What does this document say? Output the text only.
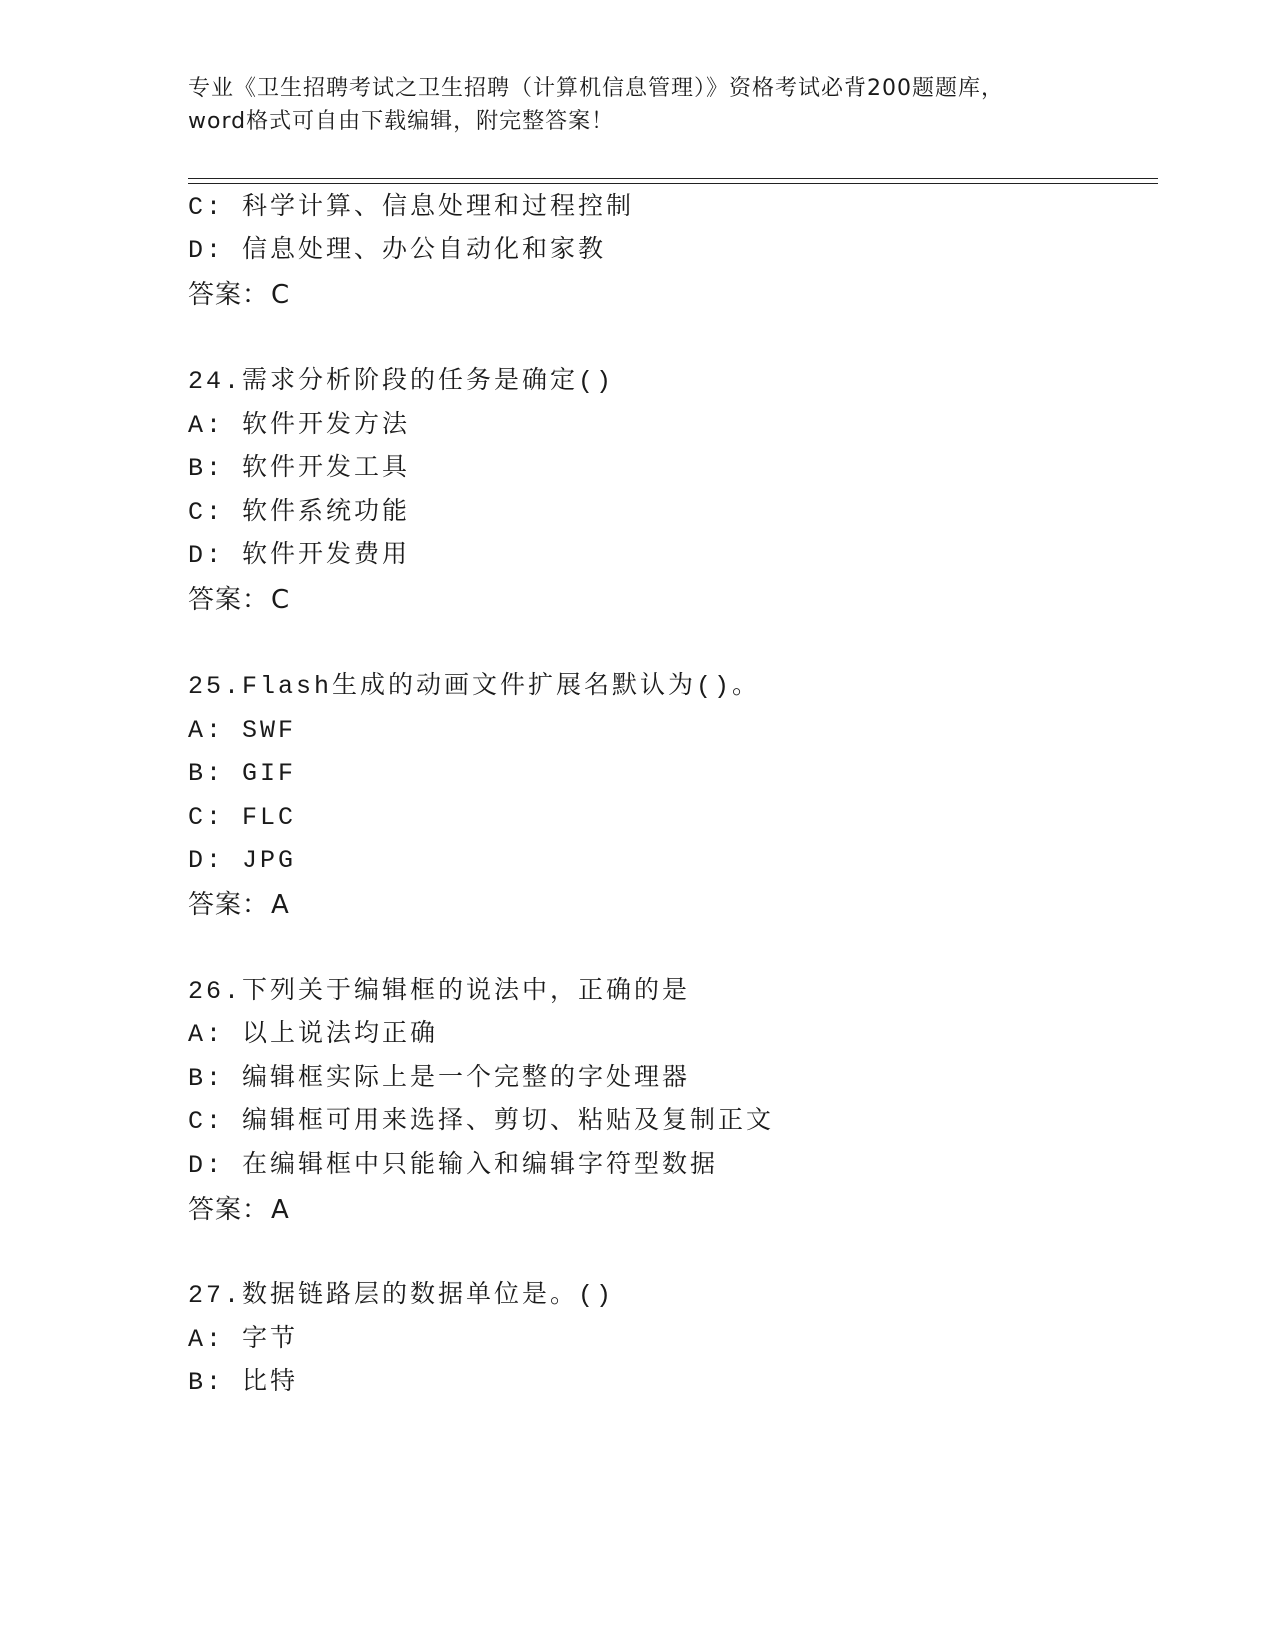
专业《卫生招聘考试之卫生招聘（计算机信息管理）》资格考试必背200题题库，
word格式可自由下载编辑，附完整答案！
C: 科学计算、信息处理和过程控制
D: 信息处理、办公自动化和家教
答案：C
24.需求分析阶段的任务是确定()
A: 软件开发方法
B: 软件开发工具
C: 软件系统功能
D: 软件开发费用
答案：C
25.Flash生成的动画文件扩展名默认为()。
A: SWF
B: GIF
C: FLC
D: JPG
答案：A
26.下列关于编辑框的说法中，正确的是
A: 以上说法均正确
B: 编辑框实际上是一个完整的字处理器
C: 编辑框可用来选择、剪切、粘贴及复制正文
D: 在编辑框中只能输入和编辑字符型数据
答案：A
27.数据链路层的数据单位是。()
A: 字节
B: 比特
